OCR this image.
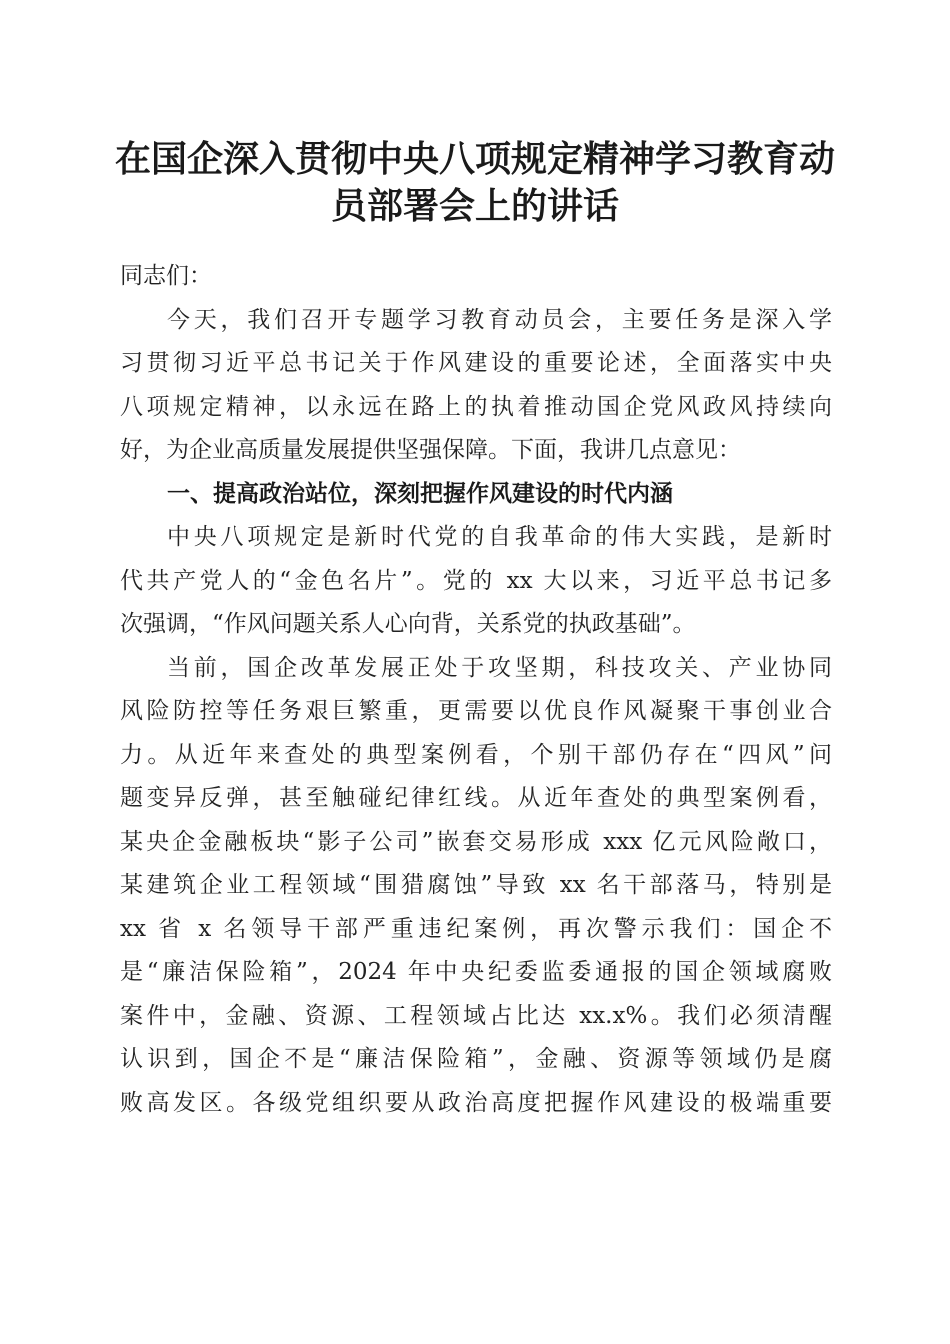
在国企深入贯彻中央八项规定精神学习教育动
员部署会上的讲话
同志们：
今天，我们召开专题学习教育动员会，主要任务是深入学
习贯彻习近平总书记关于作风建设的重要论述，全面落实中央
八项规定精神，以永远在路上的执着推动国企党风政风持续向
好，为企业高质量发展提供坚强保障。下面，我讲几点意见：
一、提高政治站位，深刻把握作风建设的时代内涵
中央八项规定是新时代党的自我革命的伟大实践，是新时
代共产党人的“金色名片”。党的 xx 大以来，习近平总书记多
次强调，“作风问题关系人心向背，关系党的执政基础”。
当前，国企改革发展正处于攻坚期，科技攻关、产业协同
风险防控等任务艰巨繁重，更需要以优良作风凝聚干事创业合
力。从近年来查处的典型案例看，个别干部仍存在“四风”问
题变异反弹，甚至触碰纪律红线。从近年查处的典型案例看，
某央企金融板块“影子公司”嵌套交易形成 xxx 亿元风险敞口，
某建筑企业工程领域“围猎腐蚀”导致 xx 名干部落马，特别是
xx 省 x 名领导干部严重违纪案例，再次警示我们：国企不
是“廉洁保险箱”，2024 年中央纪委监委通报的国企领域腐败
案件中，金融、资源、工程领域占比达 xx.x%。我们必须清醒
认识到，国企不是“廉洁保险箱”，金融、资源等领域仍是腐
败高发区。各级党组织要从政治高度把握作风建设的极端重要
